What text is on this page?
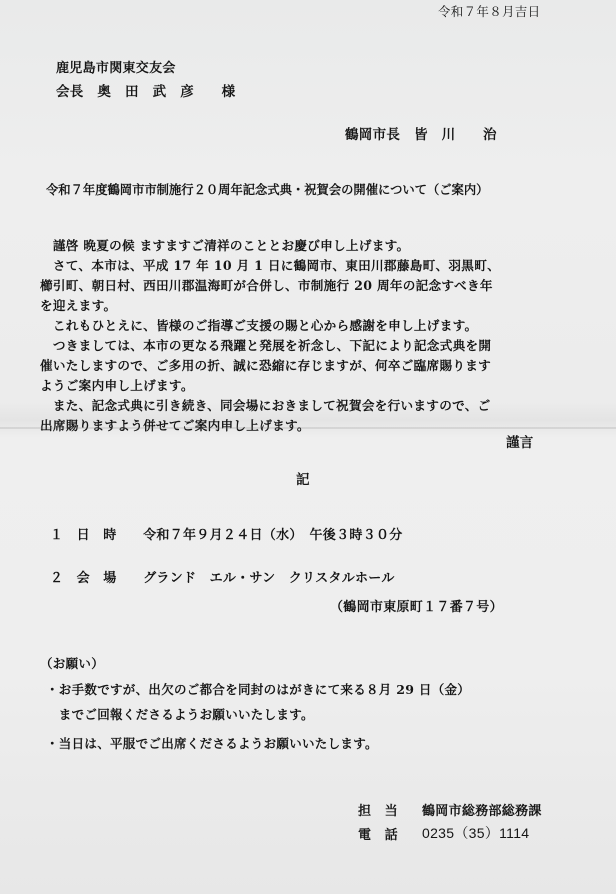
令和７年８月吉日
鹿児島市関東交友会
会長　奥　田　武　彦　　様
鶴岡市長　皆　川　　治
令和７年度鶴岡市市制施行２０周年記念式典・祝賀会の開催について（ご案内）
　謹啓 晩夏の候 ますますご清祥のこととお慶び申し上げます。
　さて、本市は、平成 17 年 10 月 1 日に鶴岡市、東田川郡藤島町、羽黒町、
櫛引町、朝日村、西田川郡温海町が合併し、市制施行 20 周年の記念すべき年
を迎えます。
　これもひとえに、皆様のご指導ご支援の賜と心から感謝を申し上げます。
　つきましては、本市の更なる飛躍と発展を祈念し、下記により記念式典を開
催いたしますので、ご多用の折、誠に恐縮に存じますが、何卒ご臨席賜ります
ようご案内申し上げます。
　また、記念式典に引き続き、同会場におきまして祝賀会を行いますので、ご
出席賜りますよう併せてご案内申し上げます。
謹言
記
１　日　時　　令和７年９月２４日（水）　午後３時３０分
２　会　場　　グランド　エル・サン　クリスタルホール
（鶴岡市東原町１７番７号）
（お願い）
・お手数ですが、出欠のご都合を同封のはがきにて来る８月 29 日（金）
　までご回報くださるようお願いいたします。
・当日は、平服でご出席くださるようお願いいたします。
担　当 鶴岡市総務部総務課
電　話 0235（35）1114
